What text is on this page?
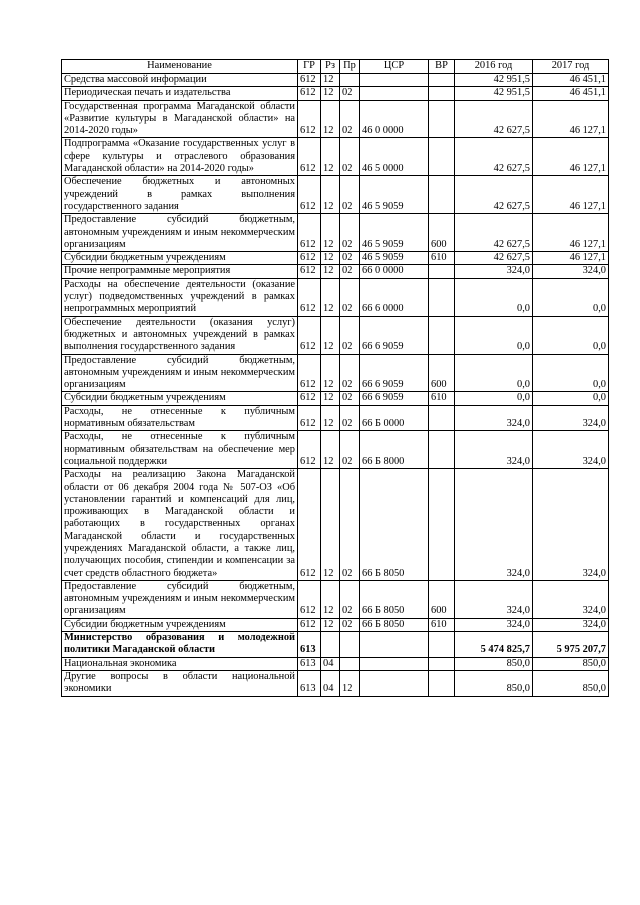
Наименование	ГР	Рз	Пр	ЦСР	ВР	2016 год	2017 год
Средства массовой информации	612	12				42 951,5	46 451,1
Периодическая печать и издательства	612	12	02			42 951,5	46 451,1
Государственная программа Магаданской области «Развитие культуры в Магаданской области» на 2014-2020 годы»	612	12	02	46 0 0000		42 627,5	46 127,1
Подпрограмма «Оказание государственных услуг в сфере культуры и отраслевого образования Магаданской области» на 2014-2020 годы»	612	12	02	46 5 0000		42 627,5	46 127,1
Обеспечение бюджетных и автономных учреждений в рамках выполнения государственного задания	612	12	02	46 5 9059		42 627,5	46 127,1
Предоставление субсидий бюджетным, автономным учреждениям и иным некоммерческим организациям	612	12	02	46 5 9059	600	42 627,5	46 127,1
Субсидии бюджетным учреждениям	612	12	02	46 5 9059	610	42 627,5	46 127,1
Прочие непрограммные мероприятия	612	12	02	66 0 0000		324,0	324,0
Расходы на обеспечение деятельности (оказание услуг) подведомственных учреждений в рамках непрограммных мероприятий	612	12	02	66 6 0000		0,0	0,0
Обеспечение деятельности (оказания услуг) бюджетных и автономных учреждений в рамках выполнения государственного задания	612	12	02	66 6 9059		0,0	0,0
Предоставление субсидий бюджетным, автономным учреждениям и иным некоммерческим организациям	612	12	02	66 6 9059	600	0,0	0,0
Субсидии бюджетным учреждениям	612	12	02	66 6 9059	610	0,0	0,0
Расходы, не отнесенные к публичным нормативным обязательствам	612	12	02	66 Б 0000		324,0	324,0
Расходы, не отнесенные к публичным нормативным обязательствам на обеспечение мер социальной поддержки	612	12	02	66 Б 8000		324,0	324,0
Расходы на реализацию Закона Магаданской области от 06 декабря 2004 года № 507-ОЗ «Об установлении гарантий и компенсаций для лиц, проживающих в Магаданской области и работающих в государственных органах Магаданской области и государственных учреждениях Магаданской области, а также лиц, получающих пособия, стипендии и компенсации за счет средств областного бюджета»	612	12	02	66 Б 8050		324,0	324,0
Предоставление субсидий бюджетным, автономным учреждениям и иным некоммерческим организациям	612	12	02	66 Б 8050	600	324,0	324,0
Субсидии бюджетным учреждениям	612	12	02	66 Б 8050	610	324,0	324,0
Министерство образования и молодежной политики Магаданской области	613					5 474 825,7	5 975 207,7
Национальная экономика	613	04				850,0	850,0
Другие вопросы в области национальной экономики	613	04	12			850,0	850,0
